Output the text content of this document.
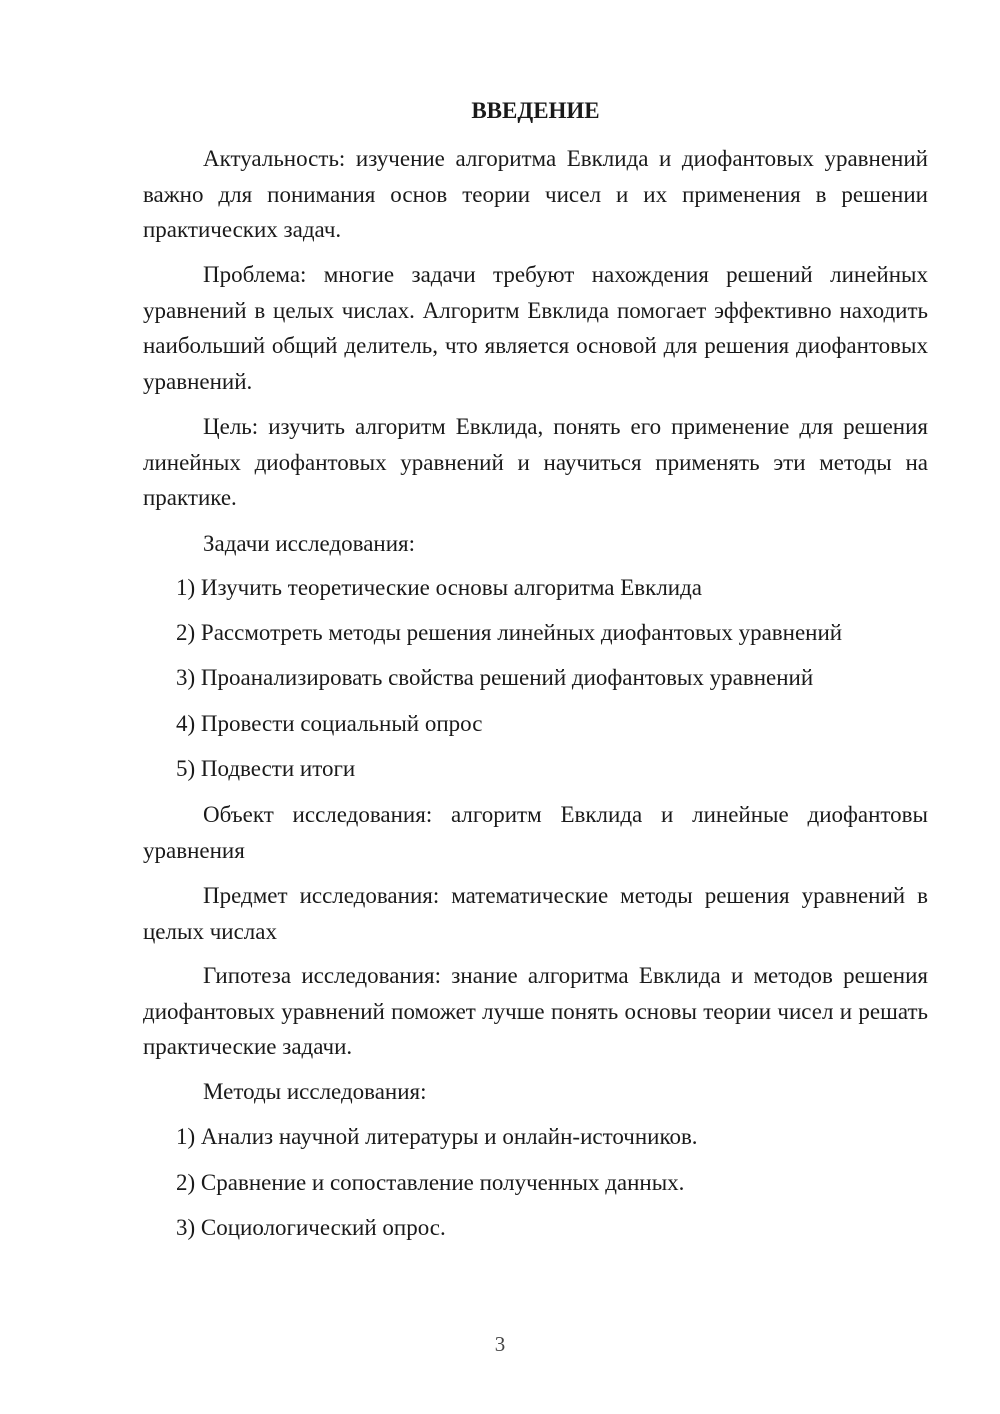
ВВЕДЕНИЕ

Актуальность: изучение алгоритма Евклида и диофантовых уравнений важно для понимания основ теории чисел и их применения в решении практических задач.

Проблема: многие задачи требуют нахождения решений линейных уравнений в целых числах. Алгоритм Евклида помогает эффективно находить наибольший общий делитель, что является основой для решения диофантовых уравнений.

Цель: изучить алгоритм Евклида, понять его применение для решения линейных диофантовых уравнений и научиться применять эти методы на практике.

Задачи исследования:

1) Изучить теоретические основы алгоритма Евклида

2) Рассмотреть методы решения линейных диофантовых уравнений

3) Проанализировать свойства решений диофантовых уравнений

4) Провести социальный опрос

5) Подвести итоги

Объект исследования: алгоритм Евклида и линейные диофантовы уравнения

Предмет исследования: математические методы решения уравнений в целых числах

Гипотеза исследования: знание алгоритма Евклида и методов решения диофантовых уравнений поможет лучше понять основы теории чисел и решать практические задачи.

Методы исследования:

1) Анализ научной литературы и онлайн-источников.

2) Сравнение и сопоставление полученных данных.

3) Социологический опрос.

3
